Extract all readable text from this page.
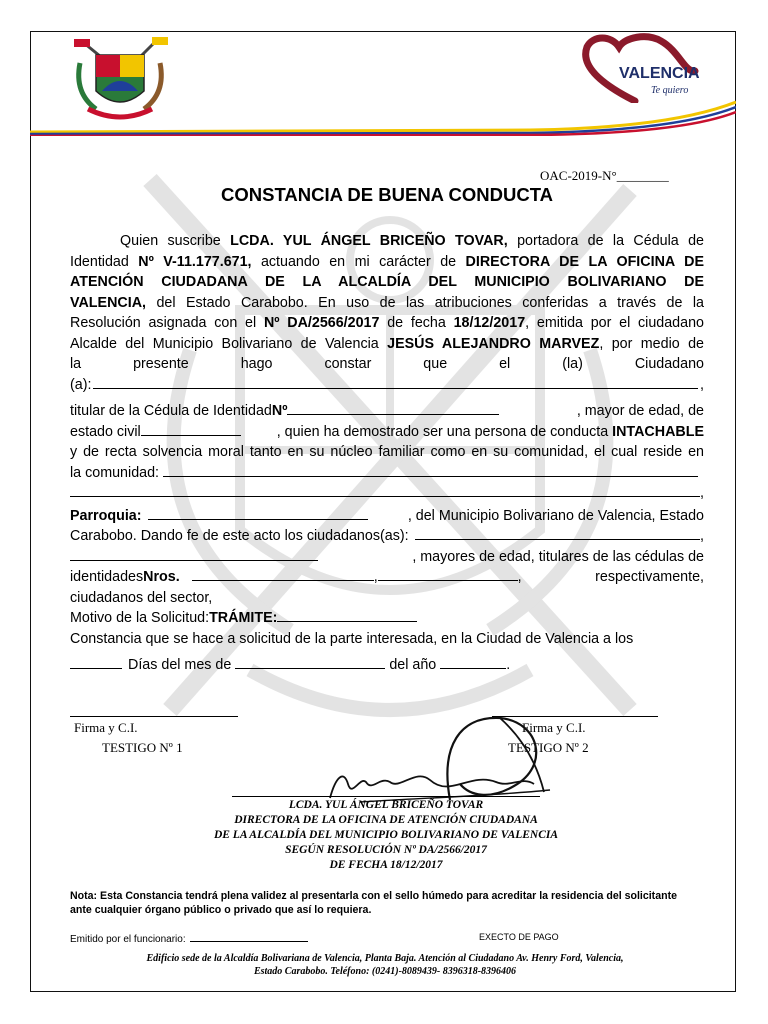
VALENCIA
Te quiero
OAC-2019-N°________
CONSTANCIA DE BUENA CONDUCTA
Quien suscribe LCDA. YUL ÁNGEL BRICEÑO TOVAR, portadora de la Cédula de
Identidad Nº V-11.177.671, actuando en mi carácter de DIRECTORA DE LA OFICINA DE
ATENCIÓN CIUDADANA DE LA ALCALDÍA DEL MUNICIPIO BOLIVARIANO DE
VALENCIA, del Estado Carabobo. En uso de las atribuciones conferidas a través de la
Resolución asignada con el Nº DA/2566/2017 de fecha 18/12/2017, emitida por el ciudadano
Alcalde del Municipio Bolivariano de Valencia JESÚS ALEJANDRO MARVEZ, por medio de
la	presente	hago	constar	que	el	(la)	Ciudadano
(a) :	,
titular de la Cédula de Identidad Nº	, mayor de edad, de
estado civil	, quien ha demostrado ser una persona de conducta INTACHABLE
y de recta solvencia moral tanto en su núcleo familiar como en su comunidad, el cual reside en
la comunidad:
,
Parroquia:	, del Municipio Bolivariano de Valencia, Estado
Carabobo. Dando fe de este acto los ciudadanos(as):	,
, mayores de edad, titulares de las cédulas de
identidades Nros.	,	,	respectivamente,
ciudadanos del sector,
Motivo de la Solicitud: TRÁMITE:
Constancia que se hace a solicitud de la parte interesada, en la Ciudad de Valencia a los
Días del mes de	del año	.
Firma y C.I.
TESTIGO Nº 1
Firma y C.I.
TESTIGO Nº 2
LCDA. YUL ÁNGEL BRICEÑO TOVAR
DIRECTORA DE LA OFICINA DE ATENCIÓN CIUDADANA
DE LA ALCALDÍA DEL MUNICIPIO BOLIVARIANO DE VALENCIA
SEGÚN RESOLUCIÓN Nº DA/2566/2017
DE FECHA 18/12/2017
Nota: Esta Constancia tendrá plena validez al presentarla con el sello húmedo para acreditar la residencia del solicitante ante cualquier órgano público o privado que así lo requiera.
Emitido por el funcionario:	EXECTO DE PAGO
Edificio sede de la Alcaldía Bolivariana de Valencia, Planta Baja. Atención al Ciudadano Av. Henry Ford, Valencia,
Estado Carabobo. Teléfono: (0241)-8089439- 8396318-8396406
